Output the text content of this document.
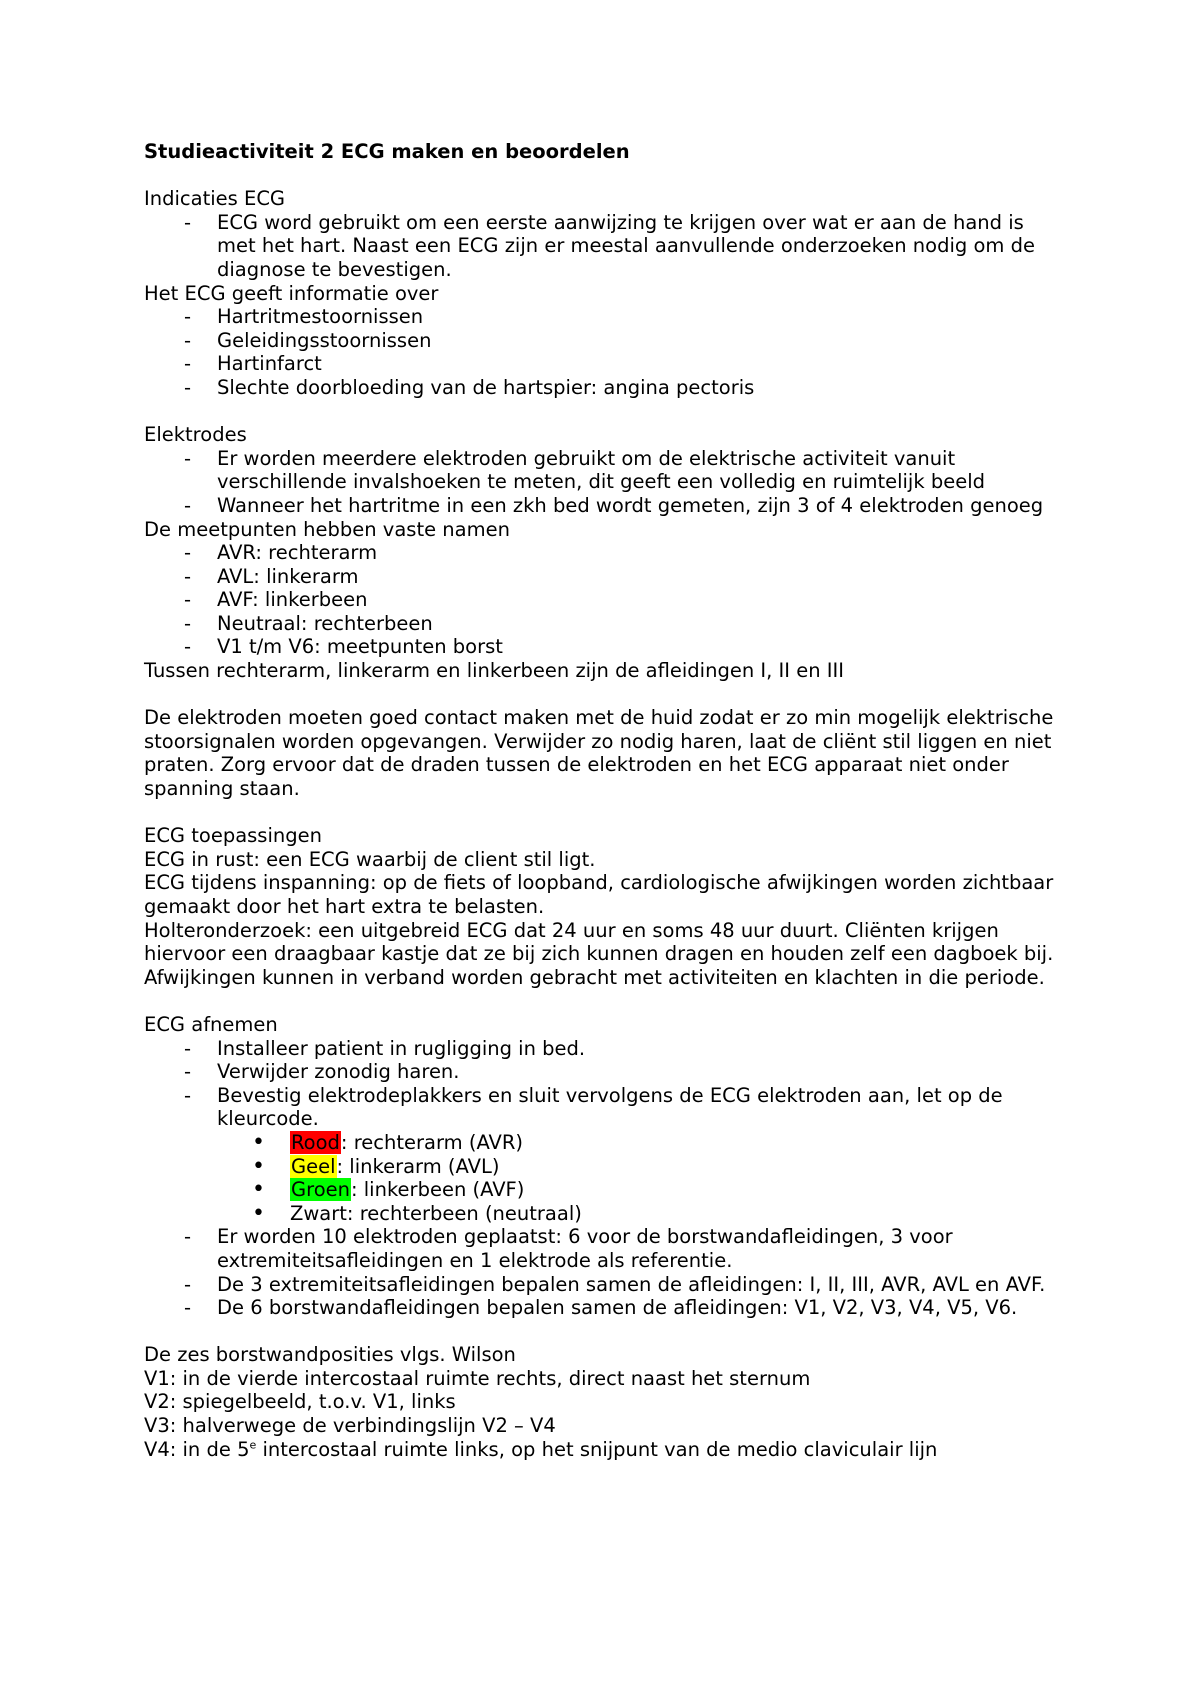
Studieactiviteit 2 ECG maken en beoordelen

Indicaties ECG

- ECG word gebruikt om een eerste aanwijzing te krijgen over wat er aan de hand is met het hart. Naast een ECG zijn er meestal aanvullende onderzoeken nodig om de diagnose te bevestigen.

Het ECG geeft informatie over

- Hartritmestoornissen
- Geleidingsstoornissen
- Hartinfarct
- Slechte doorbloeding van de hartspier: angina pectoris

Elektrodes

- Er worden meerdere elektroden gebruikt om de elektrische activiteit vanuit verschillende invalshoeken te meten, dit geeft een volledig en ruimtelijk beeld
- Wanneer het hartritme in een zkh bed wordt gemeten, zijn 3 of 4 elektroden genoeg

De meetpunten hebben vaste namen

- AVR: rechterarm
- AVL: linkerarm
- AVF: linkerbeen
- Neutraal: rechterbeen
- V1 t/m V6: meetpunten borst

Tussen rechterarm, linkerarm en linkerbeen zijn de afleidingen I, II en III

De elektroden moeten goed contact maken met de huid zodat er zo min mogelijk elektrische stoorsignalen worden opgevangen. Verwijder zo nodig haren, laat de cliënt stil liggen en niet praten. Zorg ervoor dat de draden tussen de elektroden en het ECG apparaat niet onder spanning staan.

ECG toepassingen

ECG in rust: een ECG waarbij de client stil ligt.

ECG tijdens inspanning: op de fiets of loopband, cardiologische afwijkingen worden zichtbaar gemaakt door het hart extra te belasten.

Holteronderzoek: een uitgebreid ECG dat 24 uur en soms 48 uur duurt. Cliënten krijgen hiervoor een draagbaar kastje dat ze bij zich kunnen dragen en houden zelf een dagboek bij. Afwijkingen kunnen in verband worden gebracht met activiteiten en klachten in die periode.

ECG afnemen

- Installeer patient in rugligging in bed.
- Verwijder zonodig haren.
- Bevestig elektrodeplakkers en sluit vervolgens de ECG elektroden aan, let op de kleurcode.
• Rood: rechterarm (AVR)
• Geel: linkerarm (AVL)
• Groen: linkerbeen (AVF)
• Zwart: rechterbeen (neutraal)
- Er worden 10 elektroden geplaatst: 6 voor de borstwandafleidingen, 3 voor extremiteitsafleidingen en 1 elektrode als referentie.
- De 3 extremiteitsafleidingen bepalen samen de afleidingen: I, II, III, AVR, AVL en AVF.
- De 6 borstwandafleidingen bepalen samen de afleidingen: V1, V2, V3, V4, V5, V6.

De zes borstwandposities vlgs. Wilson

V1: in de vierde intercostaal ruimte rechts, direct naast het sternum

V2: spiegelbeeld, t.o.v. V1, links

V3: halverwege de verbindingslijn V2 – V4

V4: in de 5e intercostaal ruimte links, op het snijpunt van de medio claviculair lijn
